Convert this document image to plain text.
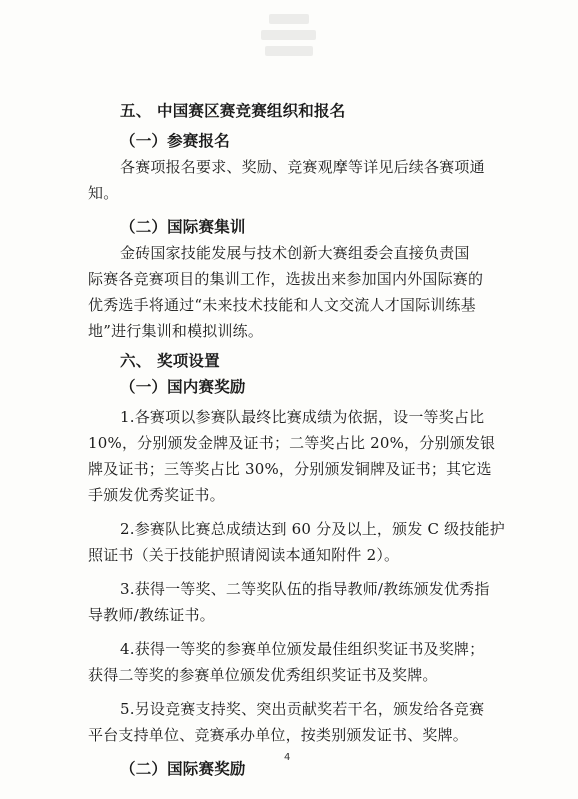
五、 中国赛区赛竞赛组织和报名
（一）参赛报名
各赛项报名要求、奖励、竞赛观摩等详见后续各赛项通
知。
（二）国际赛集训
金砖国家技能发展与技术创新大赛组委会直接负责国
际赛各竞赛项目的集训工作，选拔出来参加国内外国际赛的
优秀选手将通过“未来技术技能和人文交流人才国际训练基
地”进行集训和模拟训练。
六、 奖项设置
（一）国内赛奖励
1.各赛项以参赛队最终比赛成绩为依据，设一等奖占比
10%，分别颁发金牌及证书；二等奖占比 20%，分别颁发银
牌及证书；三等奖占比 30%，分别颁发铜牌及证书；其它选
手颁发优秀奖证书。
2.参赛队比赛总成绩达到 60 分及以上，颁发 C 级技能护
照证书（关于技能护照请阅读本通知附件 2）。
3.获得一等奖、二等奖队伍的指导教师/教练颁发优秀指
导教师/教练证书。
4.获得一等奖的参赛单位颁发最佳组织奖证书及奖牌；
获得二等奖的参赛单位颁发优秀组织奖证书及奖牌。
5.另设竞赛支持奖、突出贡献奖若干名，颁发给各竞赛
平台支持单位、竞赛承办单位，按类别颁发证书、奖牌。
（二）国际赛奖励
4
